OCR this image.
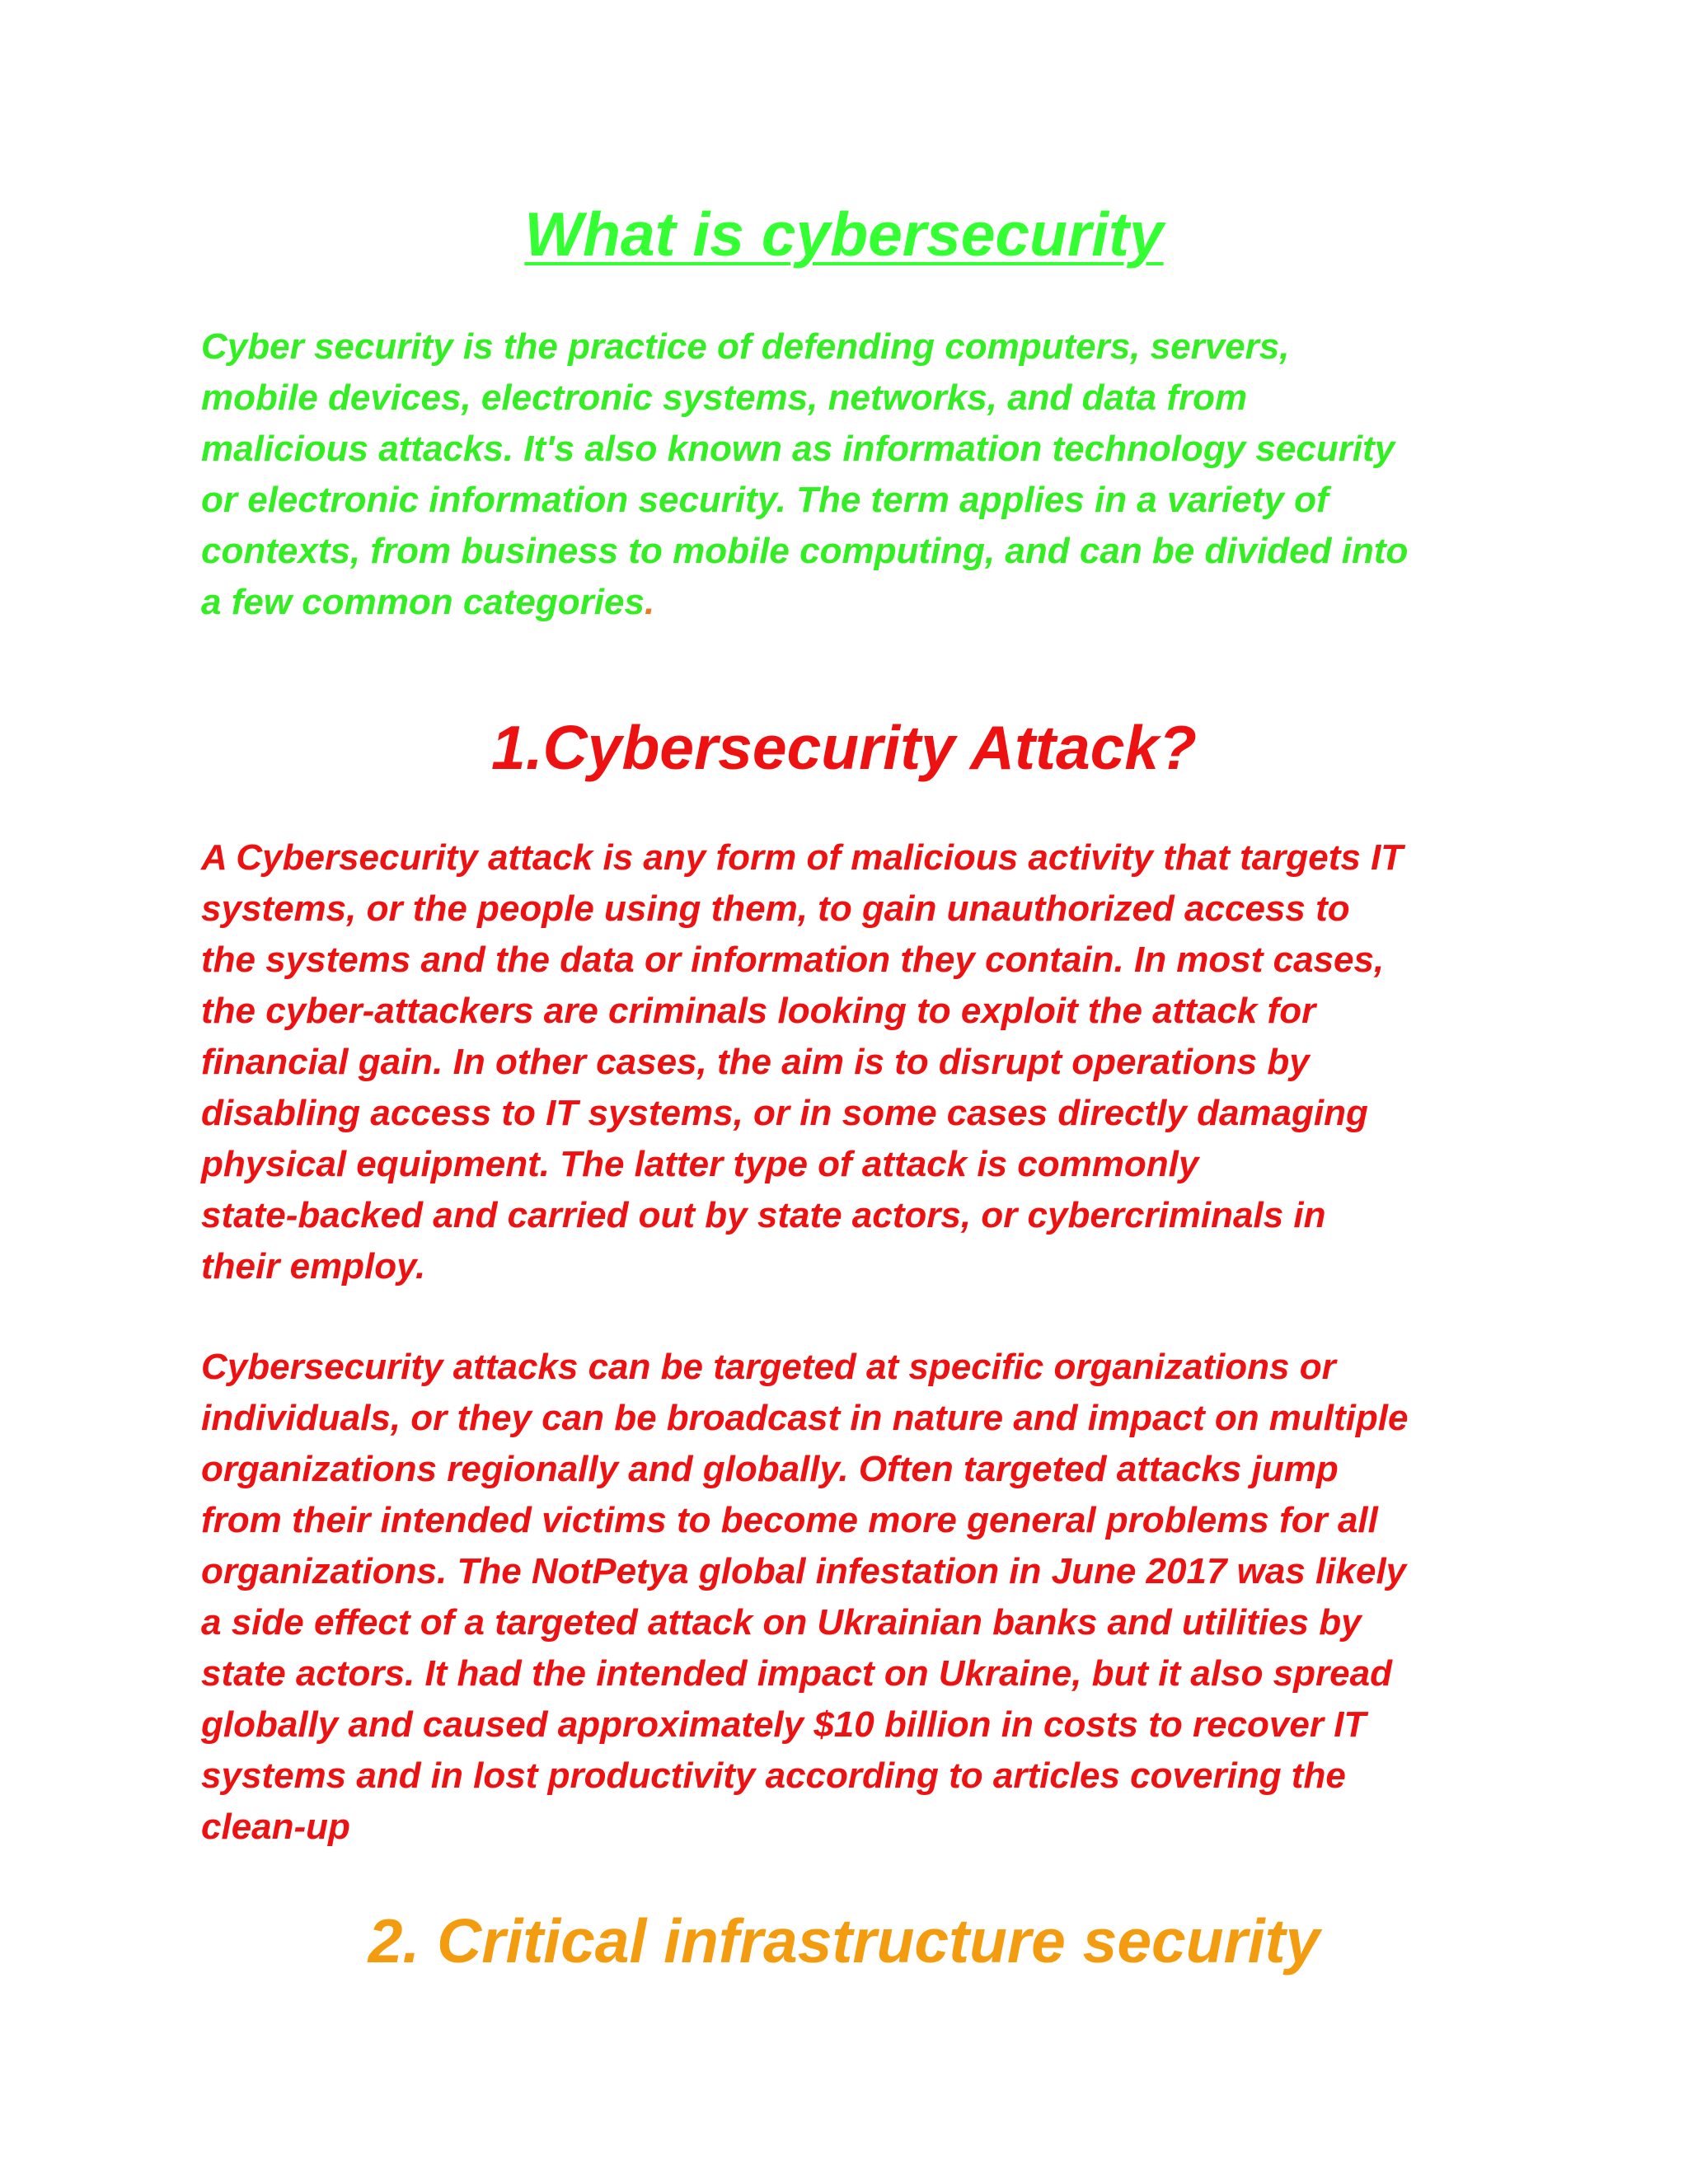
What is cybersecurity

Cyber security is the practice of defending computers, servers,
mobile devices, electronic systems, networks, and data from
malicious attacks. It's also known as information technology security
or electronic information security. The term applies in a variety of
contexts, from business to mobile computing, and can be divided into
a few common categories.

1.Cybersecurity Attack?

A Cybersecurity attack is any form of malicious activity that targets IT
systems, or the people using them, to gain unauthorized access to
the systems and the data or information they contain. In most cases,
the cyber-attackers are criminals looking to exploit the attack for
financial gain. In other cases, the aim is to disrupt operations by
disabling access to IT systems, or in some cases directly damaging
physical equipment. The latter type of attack is commonly
state-backed and carried out by state actors, or cybercriminals in
their employ.

Cybersecurity attacks can be targeted at specific organizations or
individuals, or they can be broadcast in nature and impact on multiple
organizations regionally and globally. Often targeted attacks jump
from their intended victims to become more general problems for all
organizations. The NotPetya global infestation in June 2017 was likely
a side effect of a targeted attack on Ukrainian banks and utilities by
state actors. It had the intended impact on Ukraine, but it also spread
globally and caused approximately $10 billion in costs to recover IT
systems and in lost productivity according to articles covering the
clean-up

2. Critical infrastructure security
